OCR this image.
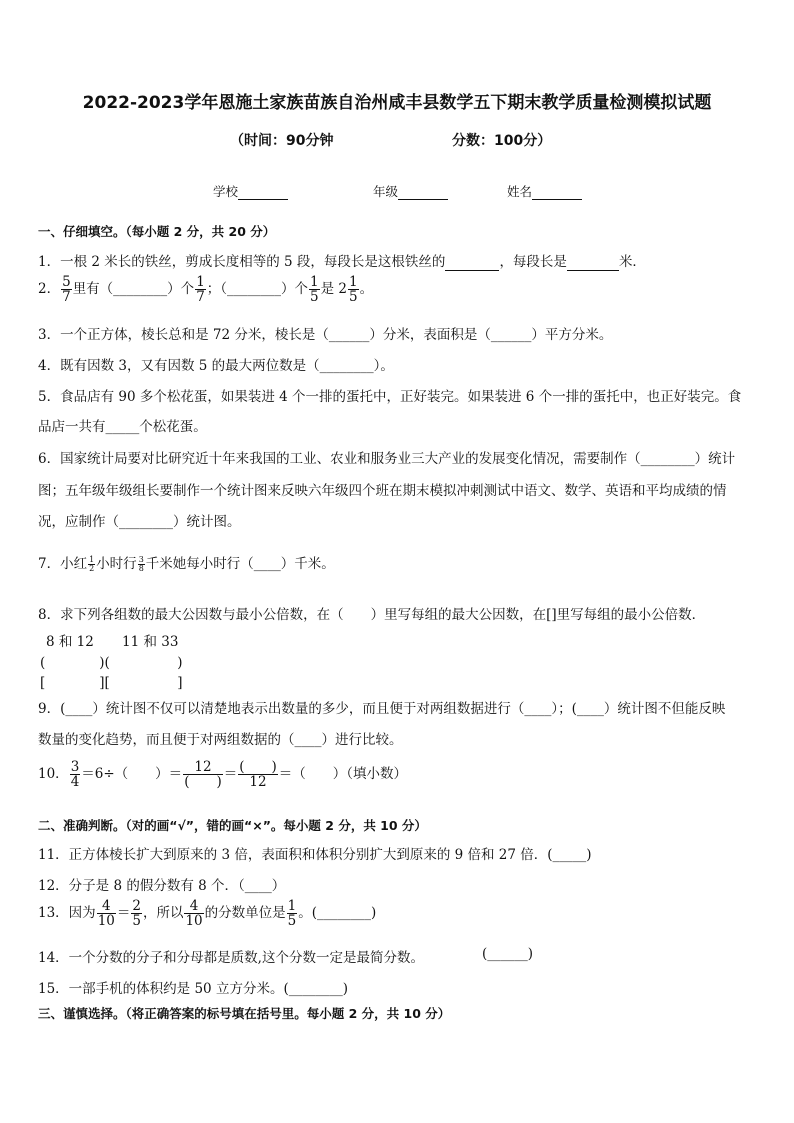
2022-2023学年恩施土家族苗族自治州咸丰县数学五下期末教学质量检测模拟试题
（时间：90分钟	分数：100分）
学校	年级	姓名
一、仔细填空。（每小题 2 分，共 20 分）
1．一根 2 米长的铁丝，剪成长度相等的 5 段，每段长是这根铁丝的	，每段长是	米．
2． $\frac{5}{7}$ 里有（________）个 $\frac{1}{7}$ ；（________）个 $\frac{1}{5}$ 是 $2 \frac{1}{5}$ 。
3．一个正方体，棱长总和是 72 分米，棱长是（______）分米，表面积是（______）平方分米。
4．既有因数 3，又有因数 5 的最大两位数是（________）。
5．食品店有 90 多个松花蛋，如果装进 4 个一排的蛋托中，正好装完。如果装进 6 个一排的蛋托中，也正好装完。食
品店一共有_____个松花蛋。
6．国家统计局要对比研究近十年来我国的工业、农业和服务业三大产业的发展变化情况，需要制作（________）统计
图；五年级年级组长要制作一个统计图来反映六年级四个班在期末模拟冲刺测试中语文、数学、英语和平均成绩的情
况，应制作（________）统计图。
7．小红 $\frac{1}{2}$ 小时行 $\frac{3}{8}$ 千米她每小时行（____）千米。
8．求下列各组数的最大公因数与最小公倍数，在（　　）里写每组的最大公因数，在[]里写每组的最小公倍数．
8 和 12 11 和 33
(　　　　)(　　　　　)
[　　　　][　　　　　]
9．(____）统计图不仅可以清楚地表示出数量的多少，而且便于对两组数据进行（____）；(____）统计图不但能反映
数量的变化趋势，而且便于对两组数据的（____）进行比较。
10． $\frac{3}{4} =6\div$（　　）＝ $\frac{12}{( )} = \frac{( )}{12}$ ＝（　　）（填小数）
二、准确判断。（对的画“√”，错的画“×”。每小题 2 分，共 10 分）
11．正方体棱长扩大到原来的 3 倍，表面积和体积分别扩大到原来的 9 倍和 27 倍．(_____)
12．分子是 8 的假分数有 8 个．（____）
13．因为 $\frac{4}{10} = \frac{2}{5}$ ，所以 $\frac{4}{10}$ 的分数单位是 $\frac{1}{5}$ 。(________)
14．一个分数的分子和分母都是质数,这个分数一定是最简分数。	(______)
15．一部手机的体积约是 50 立方分米。(________)
三、谨慎选择。（将正确答案的标号填在括号里。每小题 2 分，共 10 分）
